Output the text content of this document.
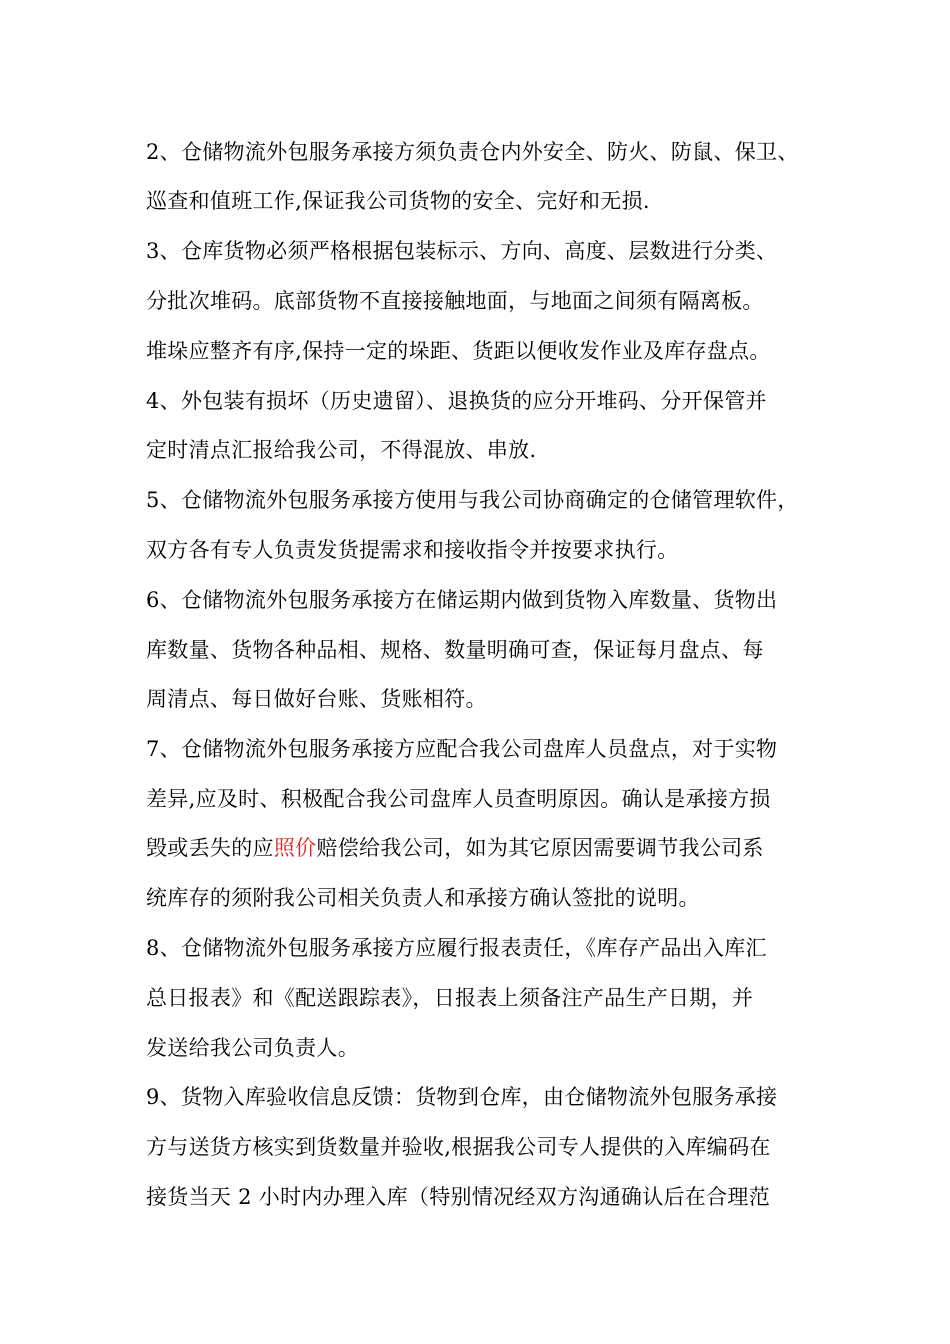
2、仓储物流外包服务承接方须负责仓内外安全、防火、防鼠、保卫、
巡查和值班工作,保证我公司货物的安全、完好和无损.
3、仓库货物必须严格根据包装标示、方向、高度、层数进行分类、
分批次堆码。底部货物不直接接触地面，与地面之间须有隔离板。
堆垛应整齐有序,保持一定的垛距、货距以便收发作业及库存盘点。
4、外包装有损坏（历史遗留）、退换货的应分开堆码、分开保管并
定时清点汇报给我公司，不得混放、串放.
5、仓储物流外包服务承接方使用与我公司协商确定的仓储管理软件，
双方各有专人负责发货提需求和接收指令并按要求执行。
6、仓储物流外包服务承接方在储运期内做到货物入库数量、货物出
库数量、货物各种品相、规格、数量明确可查，保证每月盘点、每
周清点、每日做好台账、货账相符。
7、仓储物流外包服务承接方应配合我公司盘库人员盘点，对于实物
差异,应及时、积极配合我公司盘库人员查明原因。确认是承接方损
毁或丢失的应照价赔偿给我公司，如为其它原因需要调节我公司系
统库存的须附我公司相关负责人和承接方确认签批的说明。
8、仓储物流外包服务承接方应履行报表责任，《库存产品出入库汇
总日报表》和《配送跟踪表》，日报表上须备注产品生产日期，并
发送给我公司负责人。
9、货物入库验收信息反馈：货物到仓库，由仓储物流外包服务承接
方与送货方核实到货数量并验收,根据我公司专人提供的入库编码在
接货当天 2 小时内办理入库（特别情况经双方沟通确认后在合理范
